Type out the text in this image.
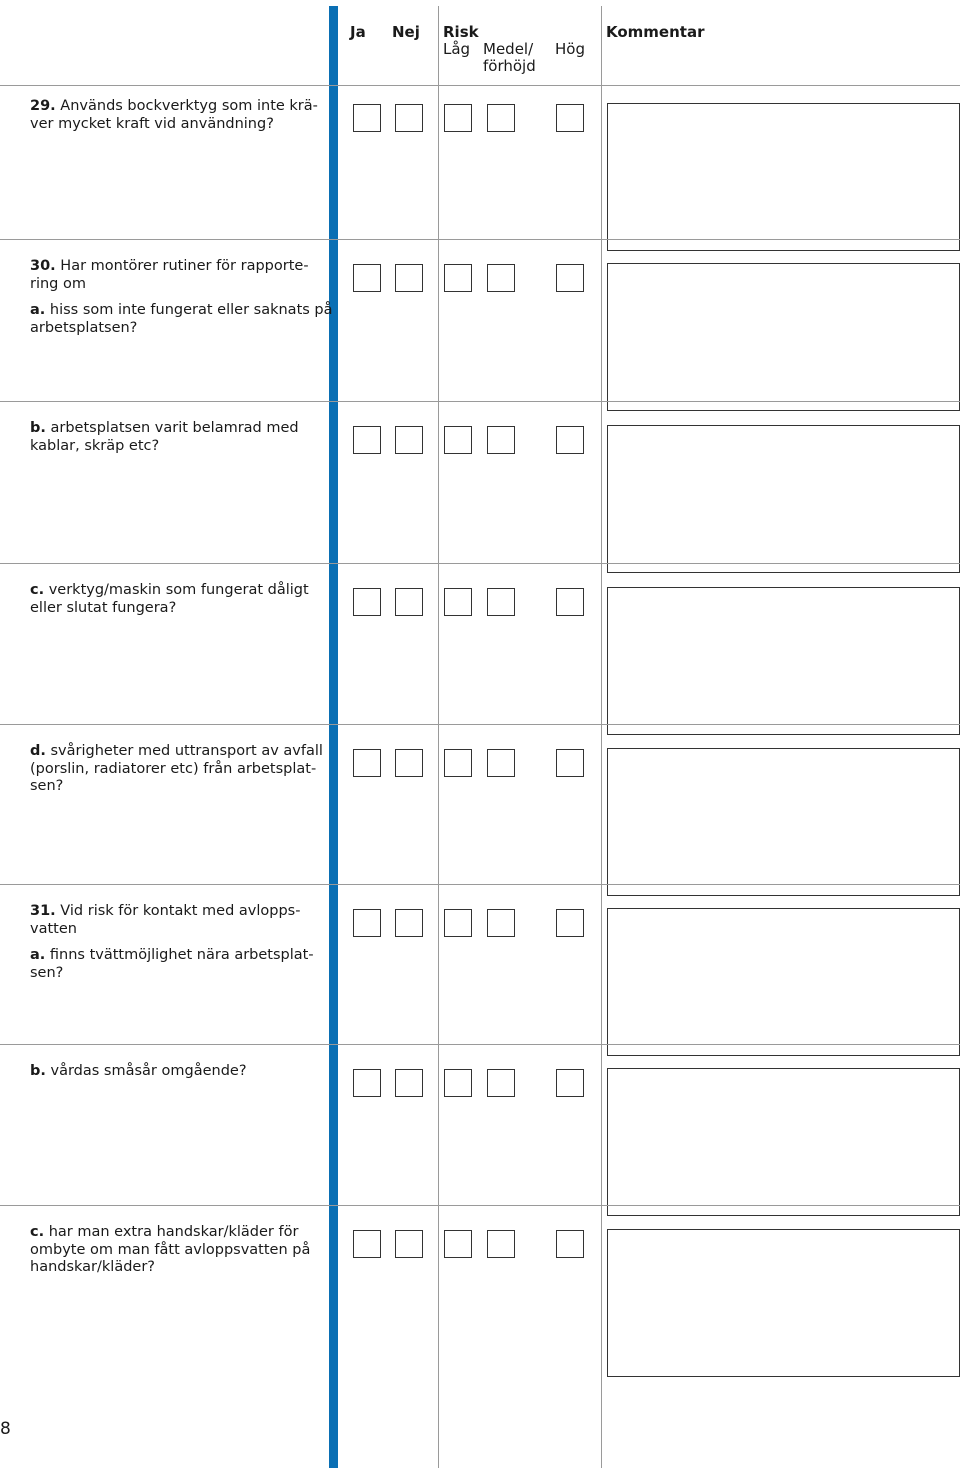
Ja Nej Risk
Låg Medel/
förhöjd
Hög
Kommentar
29. Används bockverktyg som inte krä-
ver mycket kraft vid användning?
30. Har montörer rutiner för rapporte-
ring om
a. hiss som inte fungerat eller saknats på
arbetsplatsen?
b. arbetsplatsen varit belamrad med
kablar, skräp etc?
c. verktyg/maskin som fungerat dåligt
eller slutat fungera?
d. svårigheter med uttransport av avfall
(porslin, radiatorer etc) från arbetsplat-
sen?
31. Vid risk för kontakt med avlopps-
vatten
a. finns tvättmöjlighet nära arbetsplat-
sen?
b. vårdas småsår omgående?
c. har man extra handskar/kläder för
ombyte om man fått avloppsvatten på
handskar/kläder?
8
